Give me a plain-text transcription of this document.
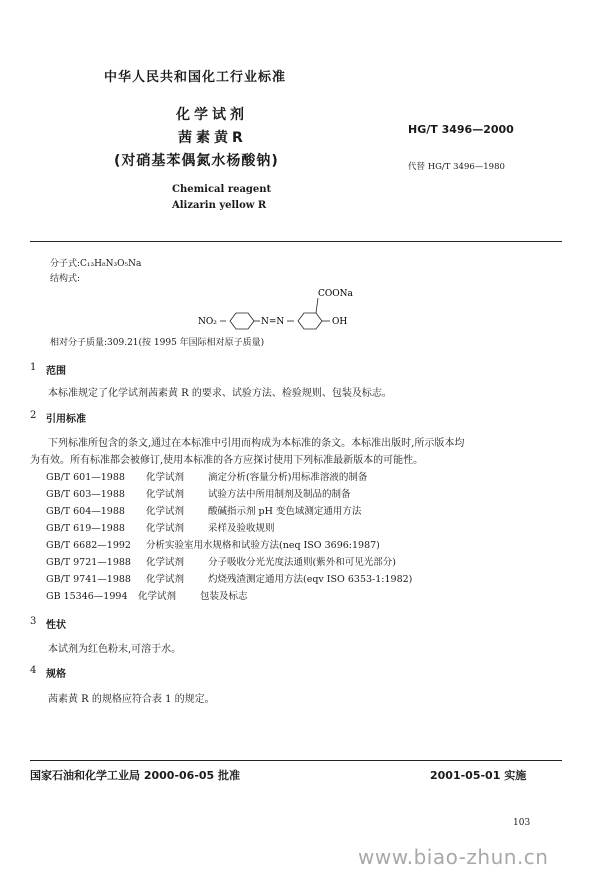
中华人民共和国化工行业标准
化学试剂
茜素黄R
(对硝基苯偶氮水杨酸钠)
Chemical reagent
Alizarin yellow R
HG/T 3496—2000
代替 HG/T 3496—1980
分子式:C₁₃H₈N₃O₅Na
结构式:
NO₂	N=N
COONa
OH
相对分子质量:309.21(按 1995 年国际相对原子质量)
1 范围
本标准规定了化学试剂茜素黄 R 的要求、试验方法、检验规则、包装及标志。
2 引用标准
下列标准所包含的条文,通过在本标准中引用而构成为本标准的条文。本标准出版时,所示版本均
为有效。所有标准都会被修订,使用本标准的各方应探讨使用下列标准最新版本的可能性。
GB/T 601—1988 化学试剂	滴定分析(容量分析)用标准溶液的制备
GB/T 603—1988 化学试剂	试验方法中所用制剂及制品的制备
GB/T 604—1988 化学试剂	酸碱指示剂 pH 变色域测定通用方法
GB/T 619—1988 化学试剂	采样及验收规则
GB/T 6682—1992 分析实验室用水规格和试验方法(neq ISO 3696:1987)
GB/T 9721—1988 化学试剂	分子吸收分光光度法通则(紫外和可见光部分)
GB/T 9741—1988 化学试剂	灼烧残渣测定通用方法(eqv ISO 6353-1:1982)
GB 15346—1994 化学试剂	包装及标志
3 性状
本试剂为红色粉末,可溶于水。
4 规格
茜素黄 R 的规格应符合表 1 的规定。
国家石油和化学工业局 2000-06-05 批准	2001-05-01 实施
103
www.biao-zhun.cn
